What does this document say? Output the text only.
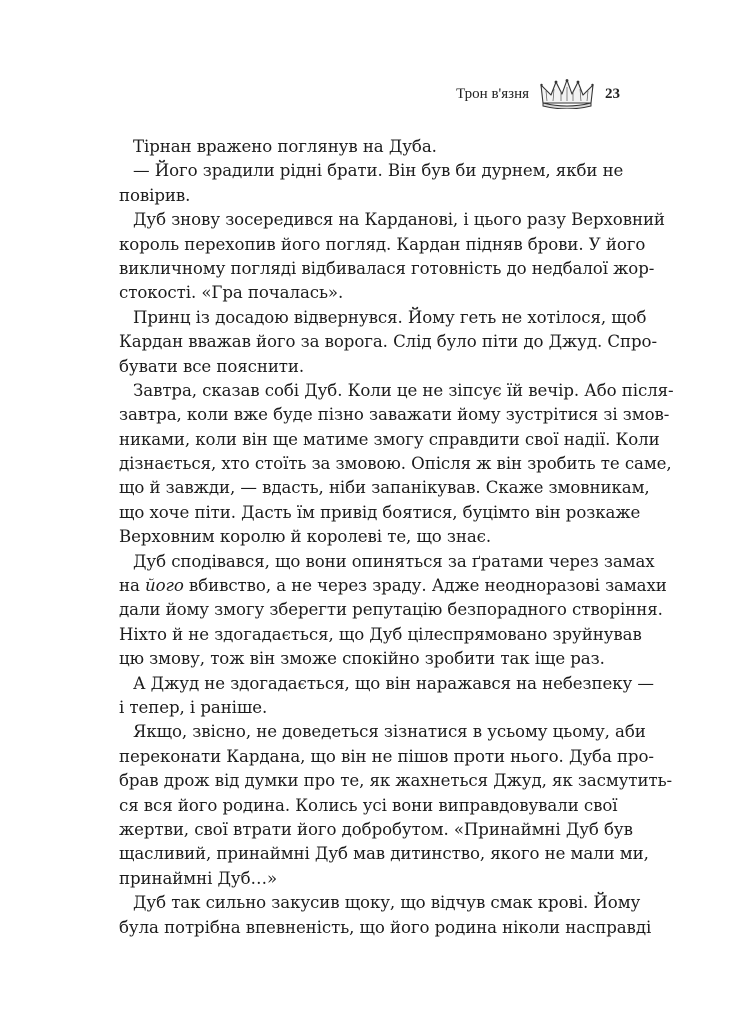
Трон в'язня	23
Тірнан вражено поглянув на Дуба.
— Його зрадили рідні брати. Він був би дурнем, якби не
повірив.
Дуб знову зосередився на Кардановi, і цього разу Верховний
король перехопив його погляд. Кардан підняв брови. У його
викличному погляді відбивалася готовність до недбалої жор-
стокості. «Гра почалась».
Принц із досадою відвернувся. Йому геть не хотілося, щоб
Кардан вважав його за ворога. Слід було піти до Джуд. Спро-
бувати все пояснити.
Завтра, сказав собі Дуб. Коли це не зіпсує їй вечір. Або після-
завтра, коли вже буде пізно заважати йому зустрітися зі змов-
никами, коли він ще матиме змогу справдити свої надії. Коли
дізнається, хто стоїть за змовою. Опісля ж він зробить те саме,
що й завжди, — вдасть, ніби запанікував. Скаже змовникам,
що хоче піти. Дасть їм привід боятися, буцімто він розкаже
Верховним королю й королеві те, що знає.
Дуб сподівався, що вони опиняться за ґратами через замах
на його вбивство, а не через зраду. Адже неодноразові замахи
дали йому змогу зберегти репутацію безпорадного створіння.
Ніхто й не здогадається, що Дуб цілеспрямовано зруйнував
цю змову, тож він зможе спокійно зробити так іще раз.
А Джуд не здогадається, що він наражався на небезпеку —
і тепер, і раніше.
Якщо, звісно, не доведеться зізнатися в усьому цьому, аби
переконати Кардана, що він не пішов проти нього. Дуба про-
брав дрож від думки про те, як жахнеться Джуд, як засмутить-
ся вся його родина. Колись усі вони виправдовували свої
жертви, свої втрати його добробутом. «Принаймні Дуб був
щасливий, принаймні Дуб мав дитинство, якого не мали ми,
принаймні Дуб…»
Дуб так сильно закусив щоку, що відчув смак крові. Йому
була потрібна впевненість, що його родина ніколи насправді
